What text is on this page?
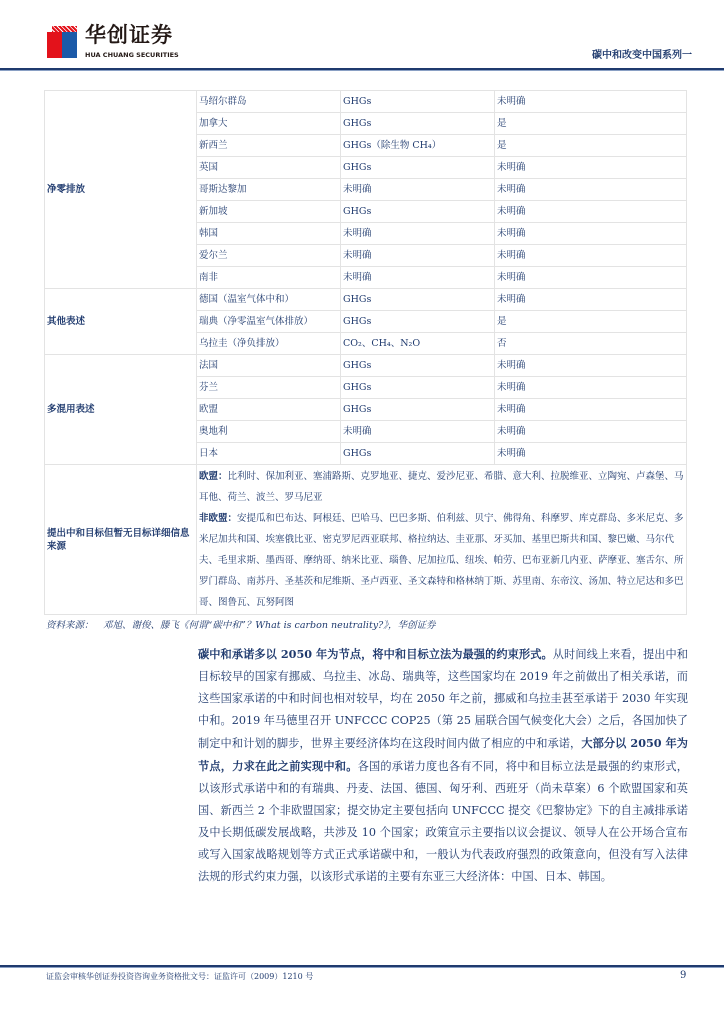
华创证券
HUA CHUANG SECURITIES	碳中和改变中国系列一
净零排放	马绍尔群岛	GHGs	未明确
	加拿大	GHGs	是
	新西兰	GHGs（除生物 CH₄）	是
	英国	GHGs	未明确
	哥斯达黎加	未明确	未明确
	新加坡	GHGs	未明确
	韩国	未明确	未明确
	爱尔兰	未明确	未明确
	南非	未明确	未明确
其他表述	德国（温室气体中和）	GHGs	未明确
	瑞典（净零温室气体排放）	GHGs	是
	乌拉圭（净负排放）	CO₂、CH₄、N₂O	否
多混用表述	法国	GHGs	未明确
	芬兰	GHGs	未明确
	欧盟	GHGs	未明确
	奥地利	未明确	未明确
	日本	GHGs	未明确
提出中和目标但暂无目标详细信息来源	欧盟：比利时、保加利亚、塞浦路斯、克罗地亚、捷克、爱沙尼亚、希腊、意大利、拉脱维亚、立陶宛、卢森堡、马耳他、荷兰、波兰、罗马尼亚
非欧盟：安提瓜和巴布达、阿根廷、巴哈马、巴巴多斯、伯利兹、贝宁、佛得角、科摩罗、库克群岛、多米尼克、多米尼加共和国、埃塞俄比亚、密克罗尼西亚联邦、格拉纳达、圭亚那、牙买加、基里巴斯共和国、黎巴嫩、马尔代夫、毛里求斯、墨西哥、摩纳哥、纳米比亚、瑙鲁、尼加拉瓜、纽埃、帕劳、巴布亚新几内亚、萨摩亚、塞舌尔、所罗门群岛、南苏丹、圣基茨和尼维斯、圣卢西亚、圣文森特和格林纳丁斯、苏里南、东帝汶、汤加、特立尼达和多巴哥、图鲁瓦、瓦努阿图		
资料来源：　邓旭、谢俊、滕飞《何谓“碳中和”？What is carbon neutrality?》，华创证券
碳中和承诺多以 2050 年为节点，将中和目标立法为最强的约束形式。从时间线上来看，提出中和目标较早的国家有挪威、乌拉圭、冰岛、瑞典等，这些国家均在 2019 年之前做出了相关承诺，而这些国家承诺的中和时间也相对较早，均在 2050 年之前，挪威和乌拉圭甚至承诺于 2030 年实现中和。2019 年马德里召开 UNFCCC COP25（第 25 届联合国气候变化大会）之后，各国加快了制定中和计划的脚步，世界主要经济体均在这段时间内做了相应的中和承诺，大部分以 2050 年为节点，力求在此之前实现中和。各国的承诺力度也各有不同，将中和目标立法是最强的约束形式，以该形式承诺中和的有瑞典、丹麦、法国、德国、匈牙利、西班牙（尚未草案）6 个欧盟国家和英国、新西兰 2 个非欧盟国家；提交协定主要包括向 UNFCCC 提交《巴黎协定》下的自主减排承诺及中长期低碳发展战略，共涉及 10 个国家；政策宣示主要指以议会提议、领导人在公开场合宣布或写入国家战略规划等方式正式承诺碳中和，一般认为代表政府强烈的政策意向，但没有写入法律法规的形式约束力强，以该形式承诺的主要有东亚三大经济体：中国、日本、韩国。
证监会审核华创证券投资咨询业务资格批文号：证监许可（2009）1210 号	9
